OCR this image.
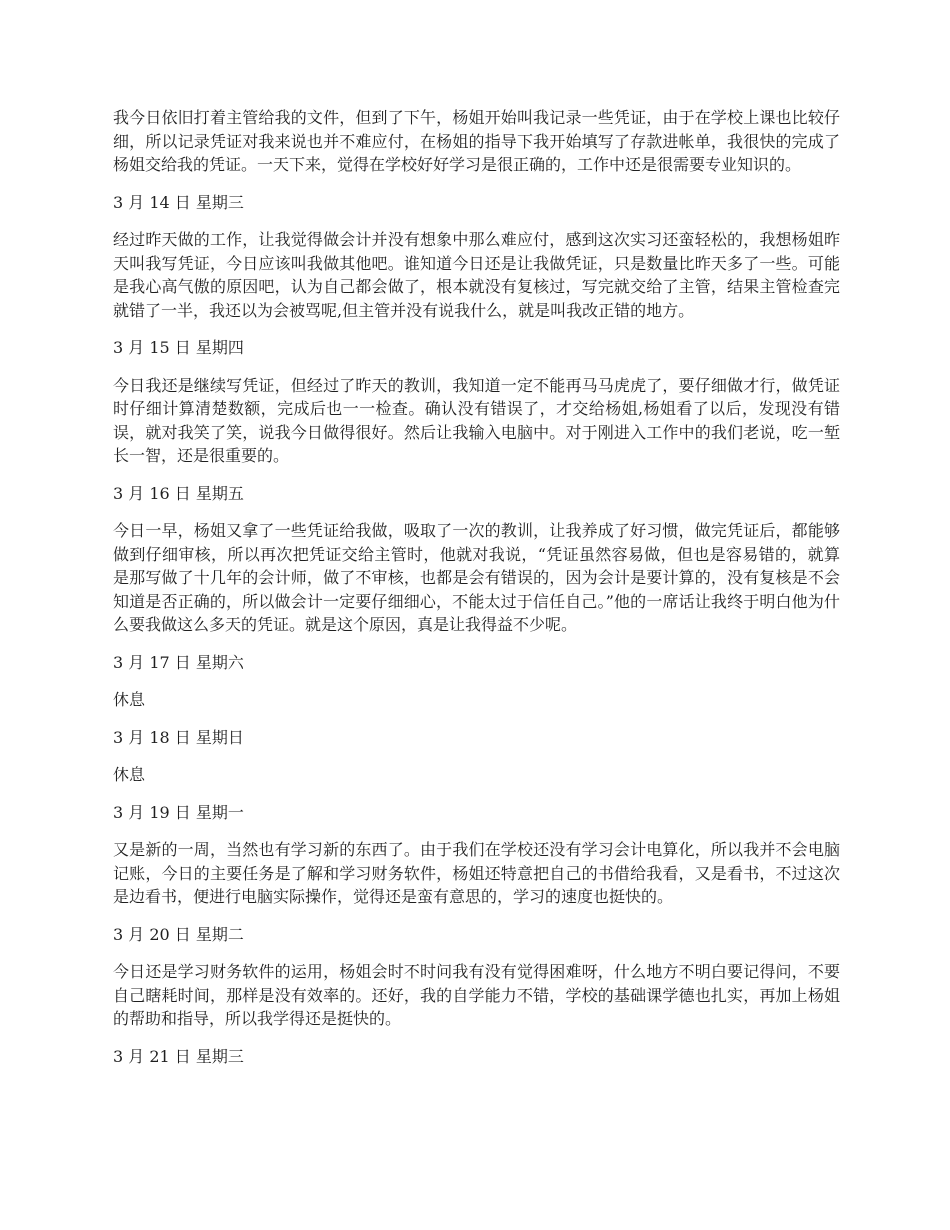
我今日依旧打着主管给我的文件，但到了下午，杨姐开始叫我记录一些凭证，由于在学校上课也比较仔细，所以记录凭证对我来说也并不难应付，在杨姐的指导下我开始填写了存款进帐单，我很快的完成了杨姐交给我的凭证。一天下来，觉得在学校好好学习是很正确的，工作中还是很需要专业知识的。

3 月 14 日 星期三

经过昨天做的工作，让我觉得做会计并没有想象中那么难应付，感到这次实习还蛮轻松的，我想杨姐昨天叫我写凭证，今日应该叫我做其他吧。谁知道今日还是让我做凭证，只是数量比昨天多了一些。可能是我心高气傲的原因吧，认为自己都会做了，根本就没有复核过，写完就交给了主管，结果主管检查完就错了一半，我还以为会被骂呢,但主管并没有说我什么，就是叫我改正错的地方。

3 月 15 日 星期四

今日我还是继续写凭证，但经过了昨天的教训，我知道一定不能再马马虎虎了，要仔细做才行，做凭证时仔细计算清楚数额，完成后也一一检查。确认没有错误了，才交给杨姐,杨姐看了以后，发现没有错误，就对我笑了笑，说我今日做得很好。然后让我输入电脑中。对于刚进入工作中的我们老说，吃一堑长一智，还是很重要的。

3 月 16 日 星期五

今日一早，杨姐又拿了一些凭证给我做，吸取了一次的教训，让我养成了好习惯，做完凭证后，都能够做到仔细审核，所以再次把凭证交给主管时，他就对我说，“凭证虽然容易做，但也是容易错的，就算是那写做了十几年的会计师，做了不审核，也都是会有错误的，因为会计是要计算的，没有复核是不会知道是否正确的，所以做会计一定要仔细细心，不能太过于信任自己。”他的一席话让我终于明白他为什么要我做这么多天的凭证。就是这个原因，真是让我得益不少呢。

3 月 17 日 星期六

休息

3 月 18 日 星期日

休息

3 月 19 日 星期一

又是新的一周，当然也有学习新的东西了。由于我们在学校还没有学习会计电算化，所以我并不会电脑记账，今日的主要任务是了解和学习财务软件，杨姐还特意把自己的书借给我看，又是看书，不过这次是边看书，便进行电脑实际操作，觉得还是蛮有意思的，学习的速度也挺快的。

3 月 20 日 星期二

今日还是学习财务软件的运用，杨姐会时不时问我有没有觉得困难呀，什么地方不明白要记得问，不要自己瞎耗时间，那样是没有效率的。还好，我的自学能力不错，学校的基础课学德也扎实，再加上杨姐的帮助和指导，所以我学得还是挺快的。

3 月 21 日 星期三
